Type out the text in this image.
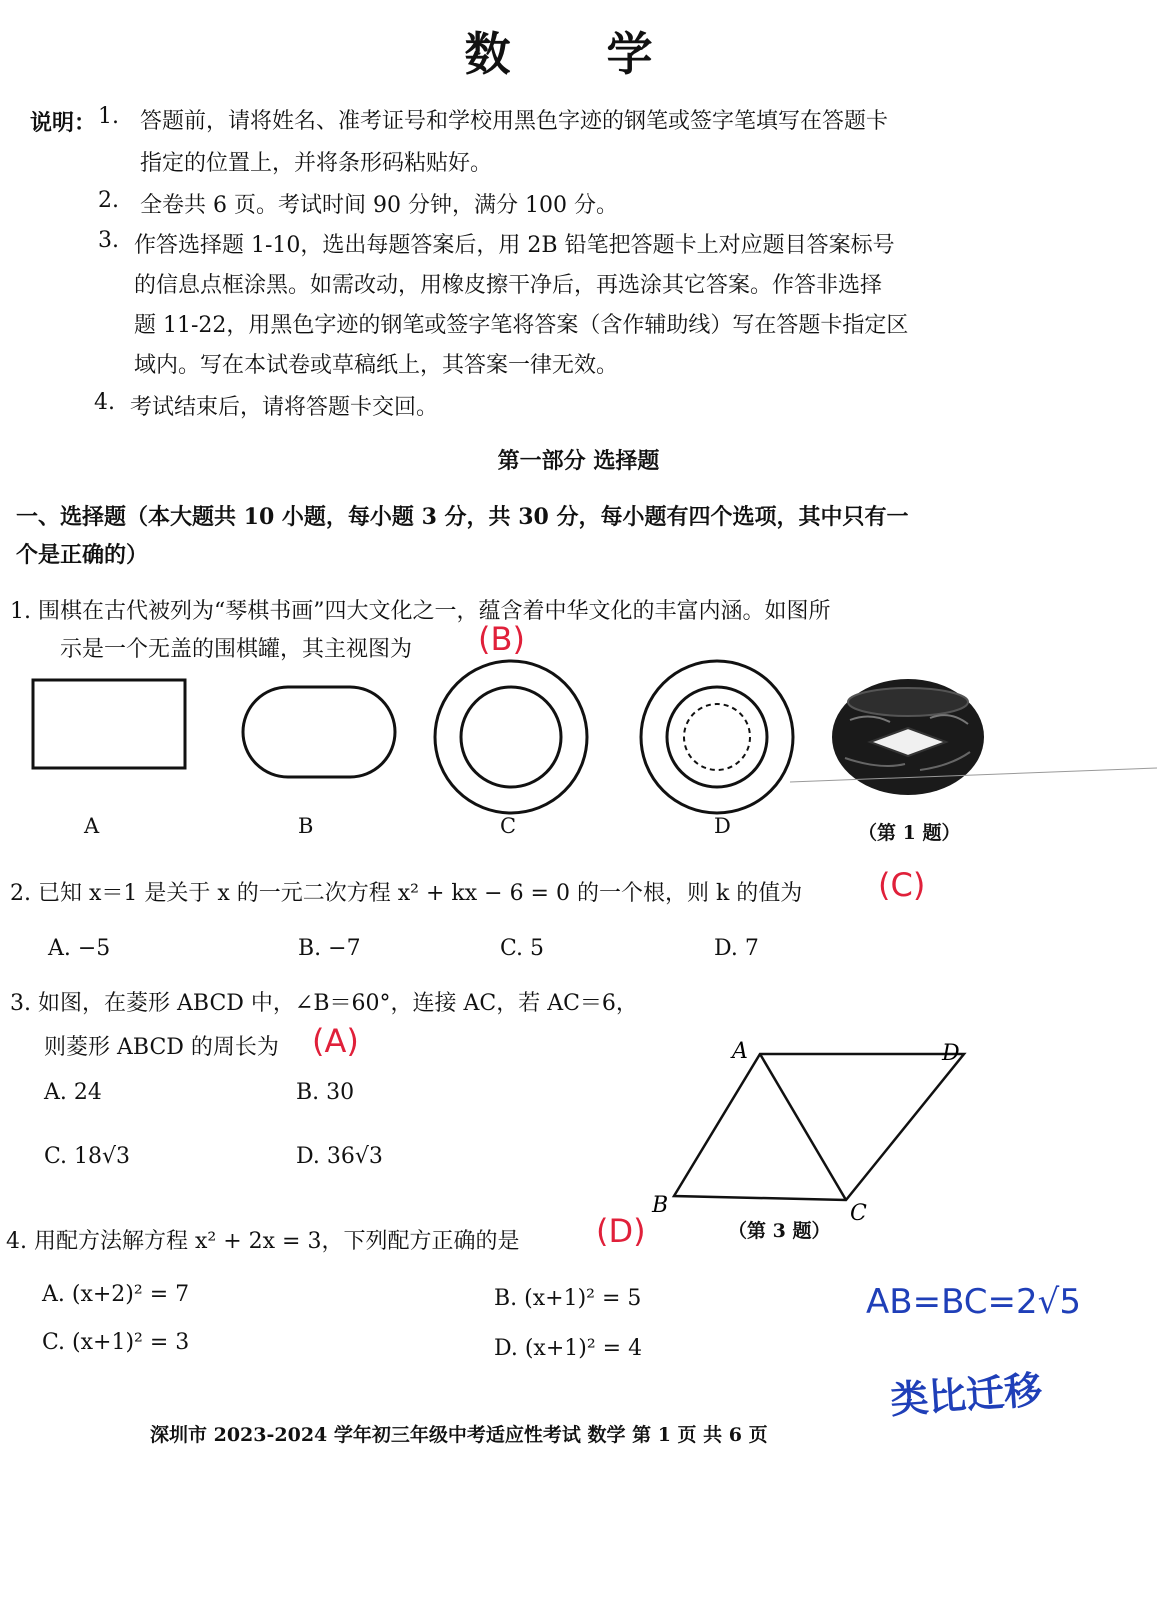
数 学
说明： 1. 答题前，请将姓名、准考证号和学校用黑色字迹的钢笔或签字笔填写在答题卡
指定的位置上，并将条形码粘贴好。
2. 全卷共 6 页。考试时间 90 分钟，满分 100 分。
3. 作答选择题 1-10，选出每题答案后，用 2B 铅笔把答题卡上对应题目答案标号
的信息点框涂黑。如需改动，用橡皮擦干净后，再选涂其它答案。作答非选择
题 11-22，用黑色字迹的钢笔或签字笔将答案（含作辅助线）写在答题卡指定区
域内。写在本试卷或草稿纸上，其答案一律无效。
4. 考试结束后，请将答题卡交回。
第一部分 选择题
一、选择题（本大题共 10 小题，每小题 3 分，共 30 分，每小题有四个选项，其中只有一
个是正确的）
1. 围棋在古代被列为“琴棋书画”四大文化之一，蕴含着中华文化的丰富内涵。如图所
示是一个无盖的围棋罐，其主视图为 (B)
A	B	C	D	（第 1 题）
2. 已知 x＝1 是关于 x 的一元二次方程 x² + kx − 6 = 0 的一个根，则 k 的值为 (C)
A. −5	B. −7	C. 5	D. 7
3. 如图，在菱形 ABCD 中，∠B＝60°，连接 AC，若 AC＝6，
则菱形 ABCD 的周长为 (A)
A. 24	B. 30
C. 18√3	D. 36√3
A	D
B	C
（第 3 题）
4. 用配方法解方程 x² + 2x = 3，下列配方正确的是 (D)
A. (x+2)² = 7	B. (x+1)² = 5
C. (x+1)² = 3	D. (x+1)² = 4
AB=BC=2√5
类比迁移
深圳市 2023-2024 学年初三年级中考适应性考试 数学 第 1 页 共 6 页
